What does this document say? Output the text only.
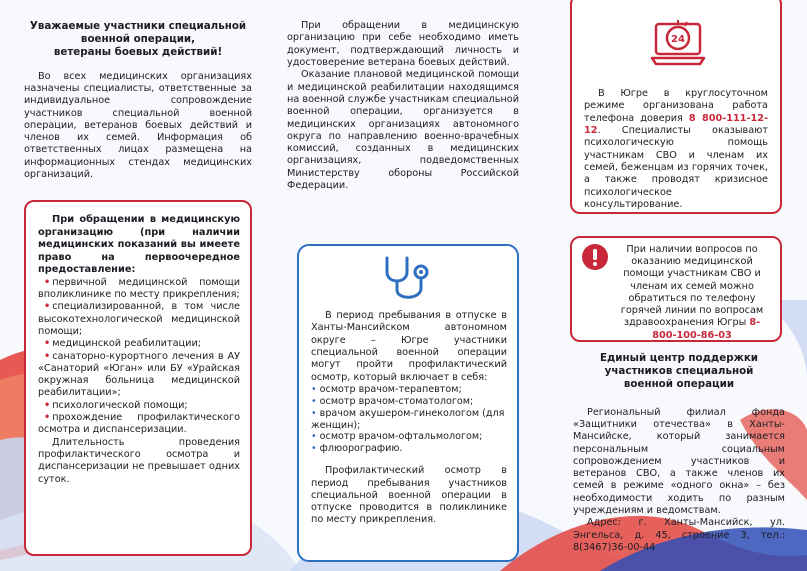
Уважаемые участники специальной
военной операции,
ветераны боевых действий!

Во всех медицинских организациях назначены специалисты, ответственные за индивидуальное сопровождение участников специальной военной операции, ветеранов боевых действий и членов их семей. Информация об ответственных лицах размещена на информационных стендах медицинских организаций.

При обращении в медицинскую организацию (при наличии медицинских показаний вы имеете право на первоочередное предоставление:
• первичной медицинской помощи вполиклинике по месту прикрепления;
• специализированной, в том числе высокотехнологической медицинской помощи;
• медицинской реабилитации;
• санаторно-курортного лечения в АУ «Санаторий «Юган» или БУ «Урайская окружная больница медицинской реабилитации»;
• психологической помощи;
• прохождение профилактического осмотра и диспансеризации.

Длительность проведения профилактического осмотра и диспансеризации не превышает одних суток.

При обращении в медицинскую организацию при себе необходимо иметь документ, подтверждающий личность и удостоверение ветерана боевых действий.

Оказание плановой медицинской помощи и медицинской реабилитации находящимся на военной службе участникам специальной военной операции, организуется в медицинских организациях автономного округа по направлению военно-врачебных комиссий, созданных в медицинских организациях, подведомственных Министерству обороны Российской Федерации.

В период пребывания в отпуске в Ханты-Мансийском автономном округе – Югре участники специальной военной операции могут пройти профилактический осмотр, который включает в себя:

• осмотр врачом-терапевтом;
• осмотр врачом-стоматологом;
• врачом акушером-гинекологом (для женщин);
• осмотр врачом-офтальмологом;
• флюорографию.

Профилактический осмотр в период пребывания участников специальной военной операции в отпуске проводится в поликлинике по месту прикрепления.

24

В Югре в круглосуточном режиме организована работа телефона доверия 8 800-111-12-12. Специалисты оказывают психологическую помощь участникам СВО и членам их семей, беженцам из горячих точек, а также проводят кризисное психологическое консультирование.

При наличии вопросов по оказанию медицинской помощи участникам СВО и членам их семей можно обратиться по телефону горячей линии по вопросам здравоохранения Югры 8-800-100-86-03

Единый центр поддержки
участников специальной
военной операции

Региональный филиал фонда «Защитники отечества» в Ханты-Мансийске, который занимается персональным социальным сопровождением участников и ветеранов СВО, а также членов их семей в режиме «одного окна» – без необходимости ходить по разным учреждениям и ведомствам.

Адрес: г. Ханты-Мансийск, ул. Энгельса, д. 45, строение 3, тел.: 8(3467)36-00-44
